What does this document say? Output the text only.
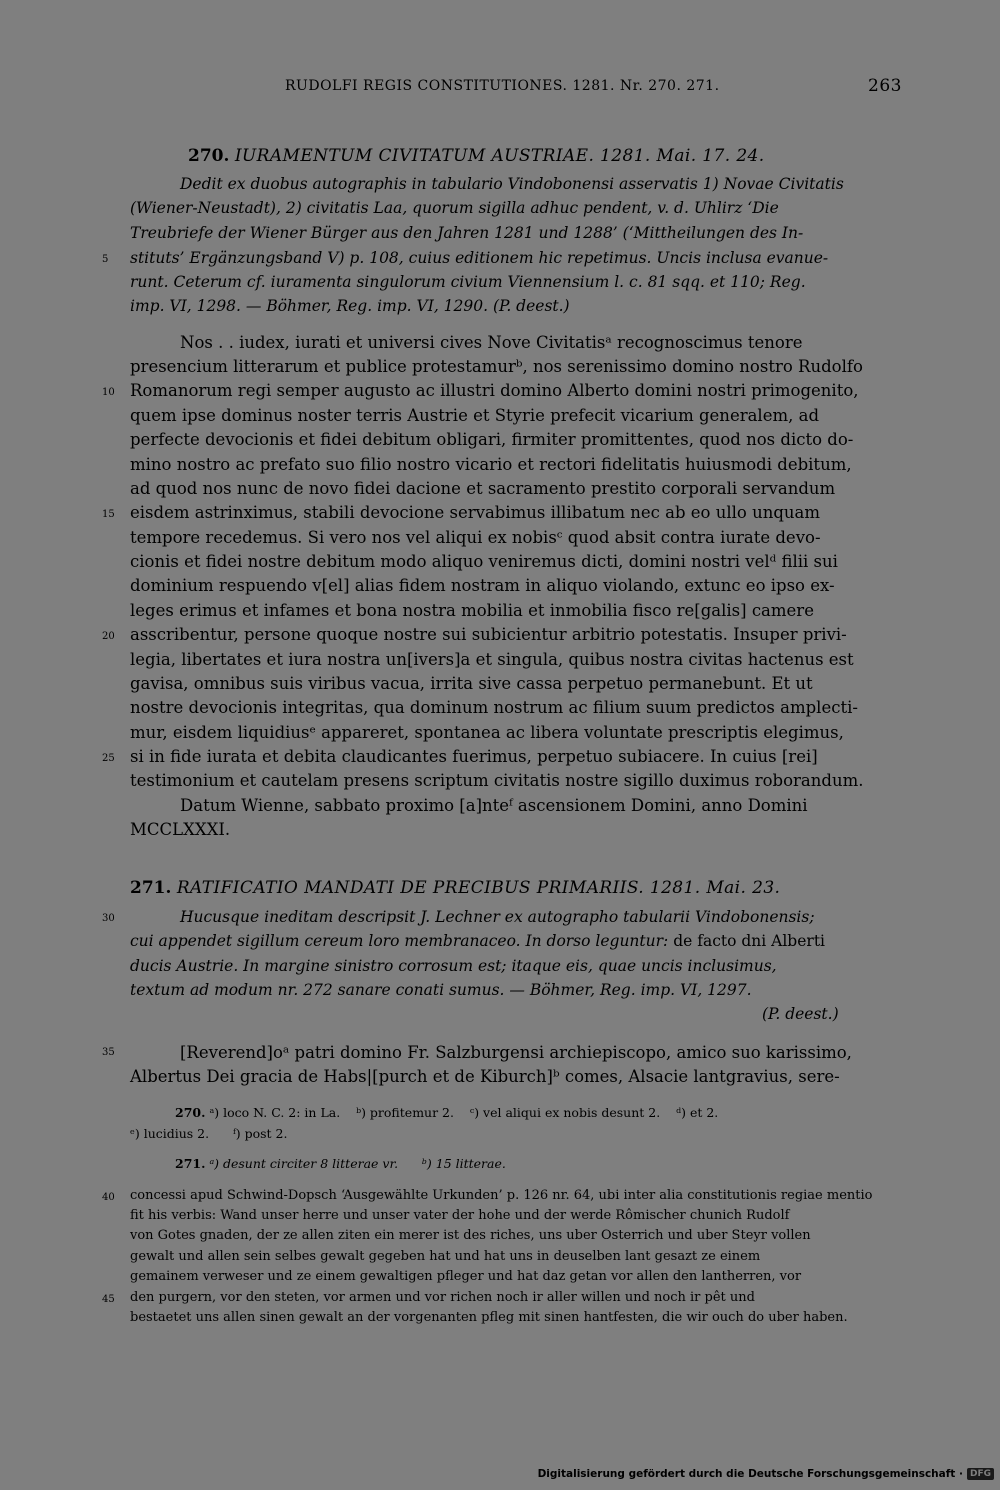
RUDOLFI REGIS CONSTITUTIONES. 1281. Nr. 270. 271.	263
270. IURAMENTUM CIVITATUM AUSTRIAE. 1281. Mai. 17. 24.
Dedit ex duobus autographis in tabulario Vindobonensi asservatis 1) Novae Civitatis
(Wiener-Neustadt), 2) civitatis Laa, quorum sigilla adhuc pendent, v. d. Uhlirz ‘Die
Treubriefe der Wiener Bürger aus den Jahren 1281 und 1288’ (‘Mittheilungen des In-
stituts’ Ergänzungsband V) p. 108, cuius editionem hic repetimus. Uncis inclusa evanue-
runt. Ceterum cf. iuramenta singulorum civium Viennensium l. c. 81 sqq. et 110; Reg.
imp. VI, 1298. — Böhmer, Reg. imp. VI, 1290. (P. deest.)
Nos . . iudex, iurati et universi cives Nove Civitatisᵃ recognoscimus tenore
presencium litterarum et publice protestamurᵇ, nos serenissimo domino nostro Rudolfo
Romanorum regi semper augusto ac illustri domino Alberto domini nostri primogenito,
quem ipse dominus noster terris Austrie et Styrie prefecit vicarium generalem, ad
perfecte devocionis et fidei debitum obligari, firmiter promittentes, quod nos dicto do-
mino nostro ac prefato suo filio nostro vicario et rectori fidelitatis huiusmodi debitum,
ad quod nos nunc de novo fidei dacione et sacramento prestito corporali servandum
eisdem astrinximus, stabili devocione servabimus illibatum nec ab eo ullo unquam
tempore recedemus. Si vero nos vel aliqui ex nobisᶜ quod absit contra iurate devo-
cionis et fidei nostre debitum modo aliquo veniremus dicti, domini nostri velᵈ filii sui
dominium respuendo v[el] alias fidem nostram in aliquo violando, extunc eo ipso ex-
leges erimus et infames et bona nostra mobilia et inmobilia fisco re[galis] camere
asscribentur, persone quoque nostre sui subicientur arbitrio potestatis. Insuper privi-
legia, libertates et iura nostra un[ivers]a et singula, quibus nostra civitas hactenus est
gavisa, omnibus suis viribus vacua, irrita sive cassa perpetuo permanebunt. Et ut
nostre devocionis integritas, qua dominum nostrum ac filium suum predictos amplecti-
mur, eisdem liquidiusᵉ appareret, spontanea ac libera voluntate prescriptis elegimus,
si in fide iurata et debita claudicantes fuerimus, perpetuo subiacere. In cuius [rei]
testimonium et cautelam presens scriptum civitatis nostre sigillo duximus roborandum.
Datum Wienne, sabbato proximo [a]nteᶠ ascensionem Domini, anno Domini
MCCLXXXI.
271. RATIFICATIO MANDATI DE PRECIBUS PRIMARIIS. 1281. Mai. 23.
Hucusque ineditam descripsit J. Lechner ex autographo tabularii Vindobonensis;
cui appendet sigillum cereum loro membranaceo. In dorso leguntur: de facto dni Alberti
ducis Austrie. In margine sinistro corrosum est; itaque eis, quae uncis inclusimus,
textum ad modum nr. 272 sanare conati sumus. — Böhmer, Reg. imp. VI, 1297.
(P. deest.)
[Reverend]oᵃ patri domino Fr. Salzburgensi archiepiscopo, amico suo karissimo,
Albertus Dei gracia de Habs|[purch et de Kiburch]ᵇ comes, Alsacie lantgravius, sere-
270. ᵃ) loco N. C. 2: in La. ᵇ) profitemur 2. ᶜ) vel aliqui ex nobis desunt 2. ᵈ) et 2.
ᵉ) lucidius 2. ᶠ) post 2.
271. ᵃ) desunt circiter 8 litterae vr. ᵇ) 15 litterae.
concessi apud Schwind-Dopsch ‘Ausgewählte Urkunden’ p. 126 nr. 64, ubi inter alia constitutionis regiae mentio
fit his verbis: Wand unser herre und unser vater der hohe und der werde Rômischer chunich Rudolf
von Gotes gnaden, der ze allen ziten ein merer ist des riches, uns uber Osterrich und uber Steyr vollen
gewalt und allen sein selbes gewalt gegeben hat und hat uns in deuselben lant gesazt ze einem
gemainem verweser und ze einem gewaltigen pfleger und hat daz getan vor allen den lantherren, vor
den purgern, vor den steten, vor armen und vor richen noch ir aller willen und noch ir pêt und
bestaetet uns allen sinen gewalt an der vorgenanten pfleg mit sinen hantfesten, die wir ouch do uber haben.
5
10
15
20
25
30
35
40
45
Digitalisierung gefördert durch die Deutsche Forschungsgemeinschaft · DFG
